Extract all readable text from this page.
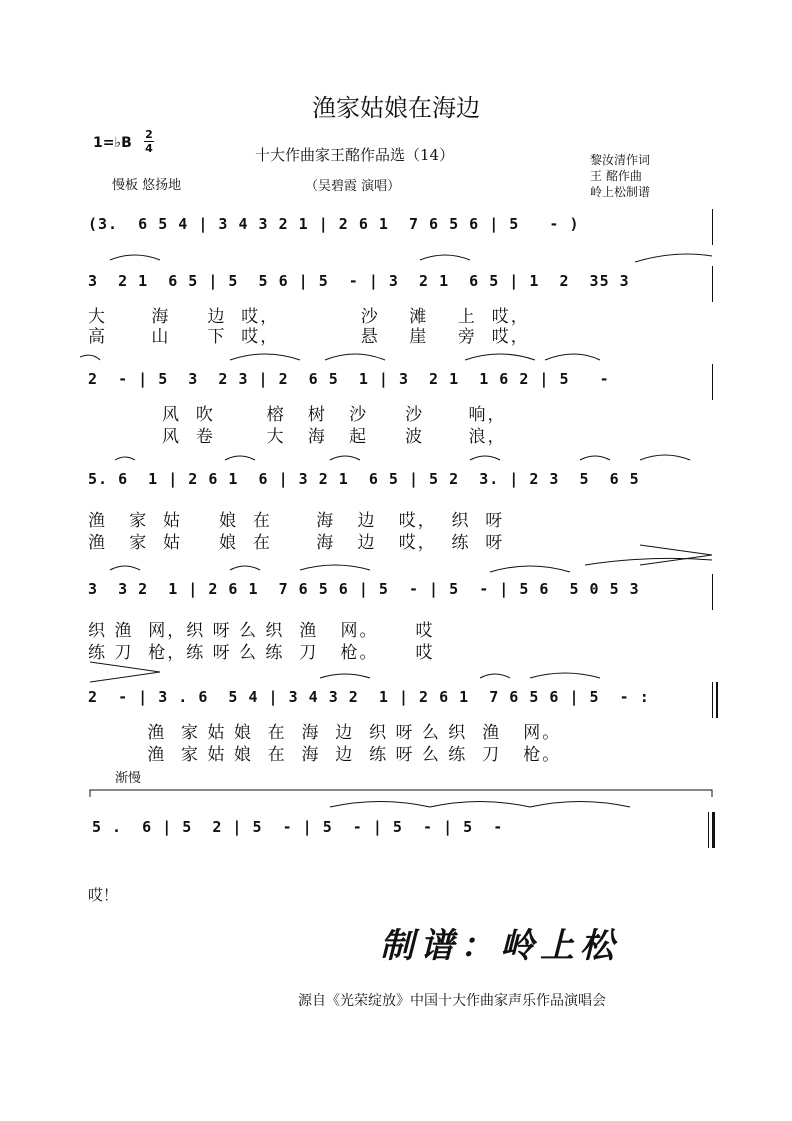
渔家姑娘在海边
十大作曲家王酩作品选（14）
（吴碧霞 演唱）
1=♭B
2
4
慢板 悠扬地
黎汝清作词
王 酩作曲
岭上松制谱
(3.  6 5 4 | 3 4 3 2 1 | 2 6 1  7 6 5 6 | 5   - )
3  2 1  6 5 | 5  5 6 | 5  - | 3  2 1  6 5 | 1  2  35 3
大      海     边  哎，           沙    滩    上  哎，
高      山     下  哎，           悬    崖    旁  哎，
2  - | 5  3  2 3 | 2  6 5  1 | 3  2 1  1 6 2 | 5   -
风  吹       榕   树   沙     沙      响，
风  卷       大   海   起     波      浪，
5. 6  1 | 2 6 1  6 | 3 2 1  6 5 | 5 2  3. | 2 3  5  6 5
渔   家  姑     娘  在      海   边   哎，  织  呀
渔   家  姑     娘  在      海   边   哎，  练  呀
3  3 2  1 | 2 6 1  7 6 5 6 | 5  - | 5  - | 5 6  5 0 5 3
织 渔  网，织 呀 么 织  渔   网。     哎
练 刀  枪，练 呀 么 练  刀   枪。     哎
2  - | 3 . 6  5 4 | 3 4 3 2  1 | 2 6 1  7 6 5 6 | 5  - :
渔  家 姑 娘  在  海  边  织 呀 么 织  渔   网。
渔  家 姑 娘  在  海  边  练 呀 么 练  刀   枪。
渐慢
5 .  6 | 5  2 | 5  - | 5  - | 5  - | 5  -
哎！
制谱：岭上松
源自《光荣绽放》中国十大作曲家声乐作品演唱会
